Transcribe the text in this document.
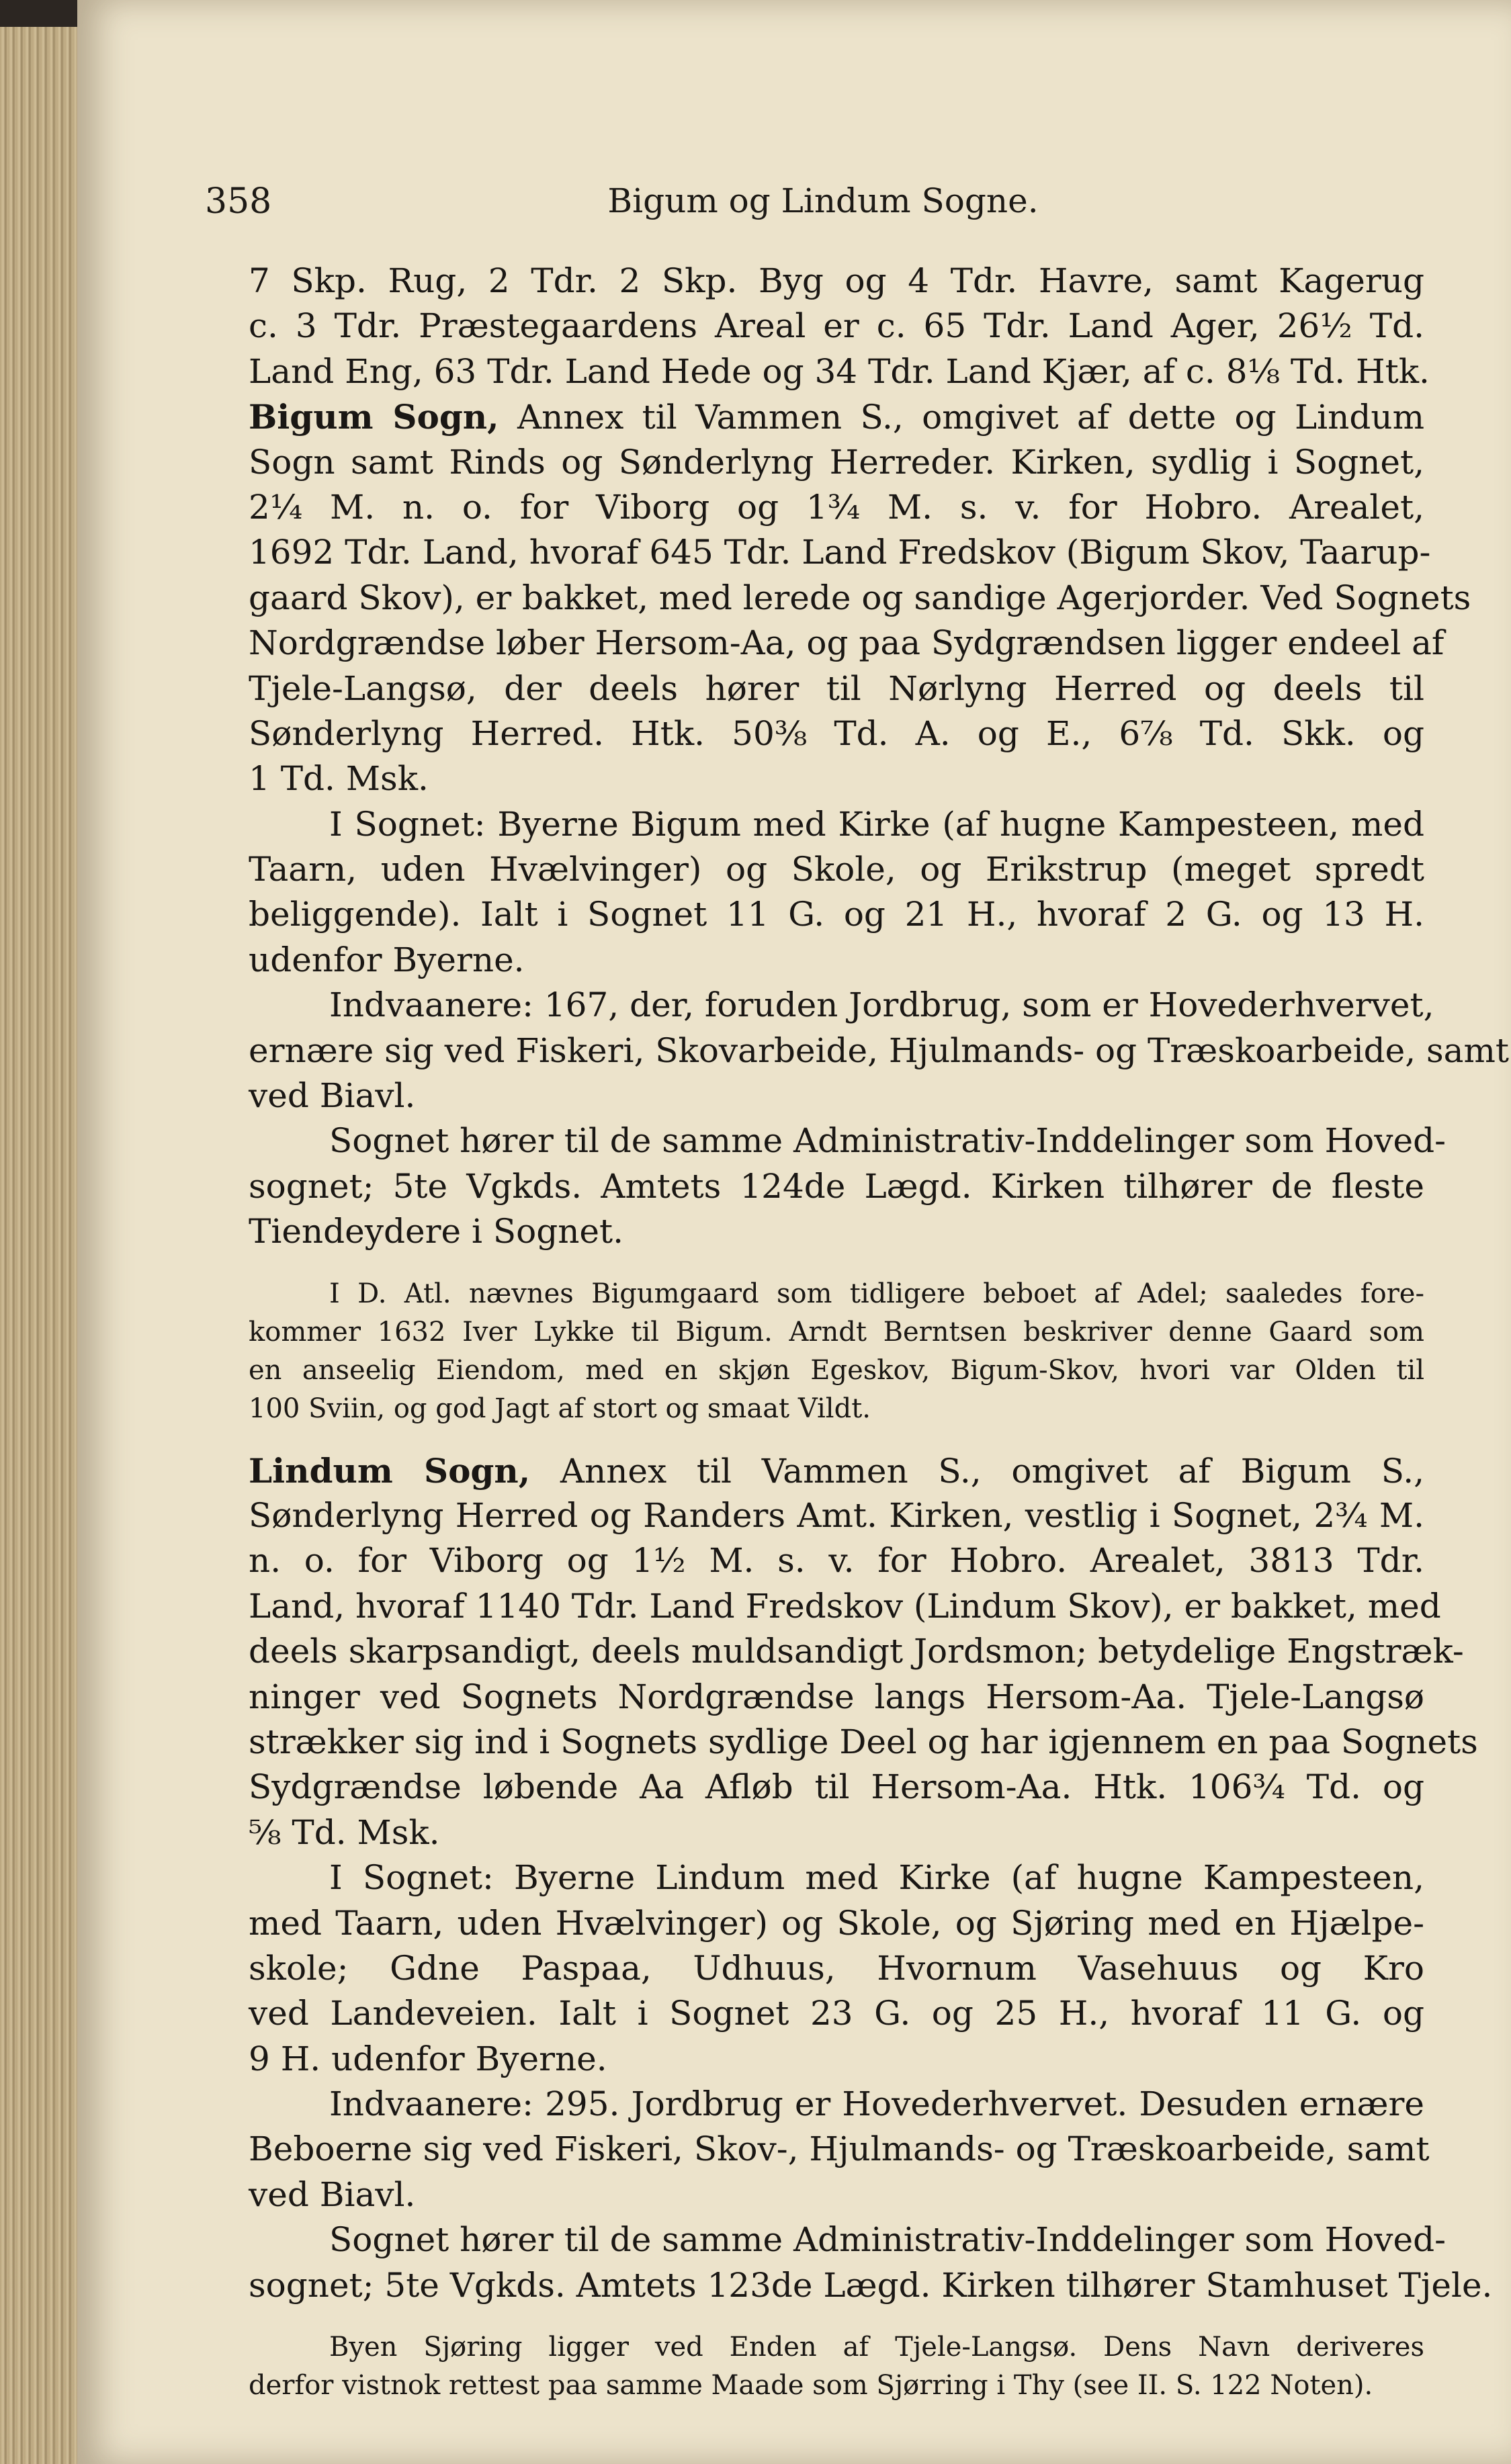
358	Bigum og Lindum Sogne.
7 Skp. Rug, 2 Tdr. 2 Skp. Byg og 4 Tdr. Havre, samt Kagerug
c. 3 Tdr. Præstegaardens Areal er c. 65 Tdr. Land Ager, 26½ Td.
Land Eng, 63 Tdr. Land Hede og 34 Tdr. Land Kjær, af c. 8⅛ Td. Htk.
Bigum Sogn, Annex til Vammen S., omgivet af dette og Lindum
Sogn samt Rinds og Sønderlyng Herreder. Kirken, sydlig i Sognet,
2¼ M. n. o. for Viborg og 1¾ M. s. v. for Hobro. Arealet,
1692 Tdr. Land, hvoraf 645 Tdr. Land Fredskov (Bigum Skov, Taarup-
gaard Skov), er bakket, med lerede og sandige Agerjorder. Ved Sognets
Nordgrændse løber Hersom-Aa, og paa Sydgrændsen ligger endeel af
Tjele-Langsø, der deels hører til Nørlyng Herred og deels til
Sønderlyng Herred. Htk. 50⅜ Td. A. og E., 6⅞ Td. Skk. og
1 Td. Msk.
I Sognet: Byerne Bigum med Kirke (af hugne Kampesteen, med
Taarn, uden Hvælvinger) og Skole, og Erikstrup (meget spredt
beliggende). Ialt i Sognet 11 G. og 21 H., hvoraf 2 G. og 13 H.
udenfor Byerne.
Indvaanere: 167, der, foruden Jordbrug, som er Hovederhvervet,
ernære sig ved Fiskeri, Skovarbeide, Hjulmands- og Træskoarbeide, samt
ved Biavl.
Sognet hører til de samme Administrativ-Inddelinger som Hoved-
sognet; 5te Vgkds. Amtets 124de Lægd. Kirken tilhører de fleste
Tiendeydere i Sognet.
I D. Atl. nævnes Bigumgaard som tidligere beboet af Adel; saaledes fore-
kommer 1632 Iver Lykke til Bigum. Arndt Berntsen beskriver denne Gaard som
en anseelig Eiendom, med en skjøn Egeskov, Bigum-Skov, hvori var Olden til
100 Sviin, og god Jagt af stort og smaat Vildt.
Lindum Sogn, Annex til Vammen S., omgivet af Bigum S.,
Sønderlyng Herred og Randers Amt. Kirken, vestlig i Sognet, 2¾ M.
n. o. for Viborg og 1½ M. s. v. for Hobro. Arealet, 3813 Tdr.
Land, hvoraf 1140 Tdr. Land Fredskov (Lindum Skov), er bakket, med
deels skarpsandigt, deels muldsandigt Jordsmon; betydelige Engstræk-
ninger ved Sognets Nordgrændse langs Hersom-Aa. Tjele-Langsø
strækker sig ind i Sognets sydlige Deel og har igjennem en paa Sognets
Sydgrændse løbende Aa Afløb til Hersom-Aa. Htk. 106¾ Td. og
⅝ Td. Msk.
I Sognet: Byerne Lindum med Kirke (af hugne Kampesteen,
med Taarn, uden Hvælvinger) og Skole, og Sjøring med en Hjælpe-
skole; Gdne Paspaa, Udhuus, Hvornum Vasehuus og Kro
ved Landeveien. Ialt i Sognet 23 G. og 25 H., hvoraf 11 G. og
9 H. udenfor Byerne.
Indvaanere: 295. Jordbrug er Hovederhvervet. Desuden ernære
Beboerne sig ved Fiskeri, Skov-, Hjulmands- og Træskoarbeide, samt
ved Biavl.
Sognet hører til de samme Administrativ-Inddelinger som Hoved-
sognet; 5te Vgkds. Amtets 123de Lægd. Kirken tilhører Stamhuset Tjele.
Byen Sjøring ligger ved Enden af Tjele-Langsø. Dens Navn deriveres
derfor vistnok rettest paa samme Maade som Sjørring i Thy (see II. S. 122 Noten).
